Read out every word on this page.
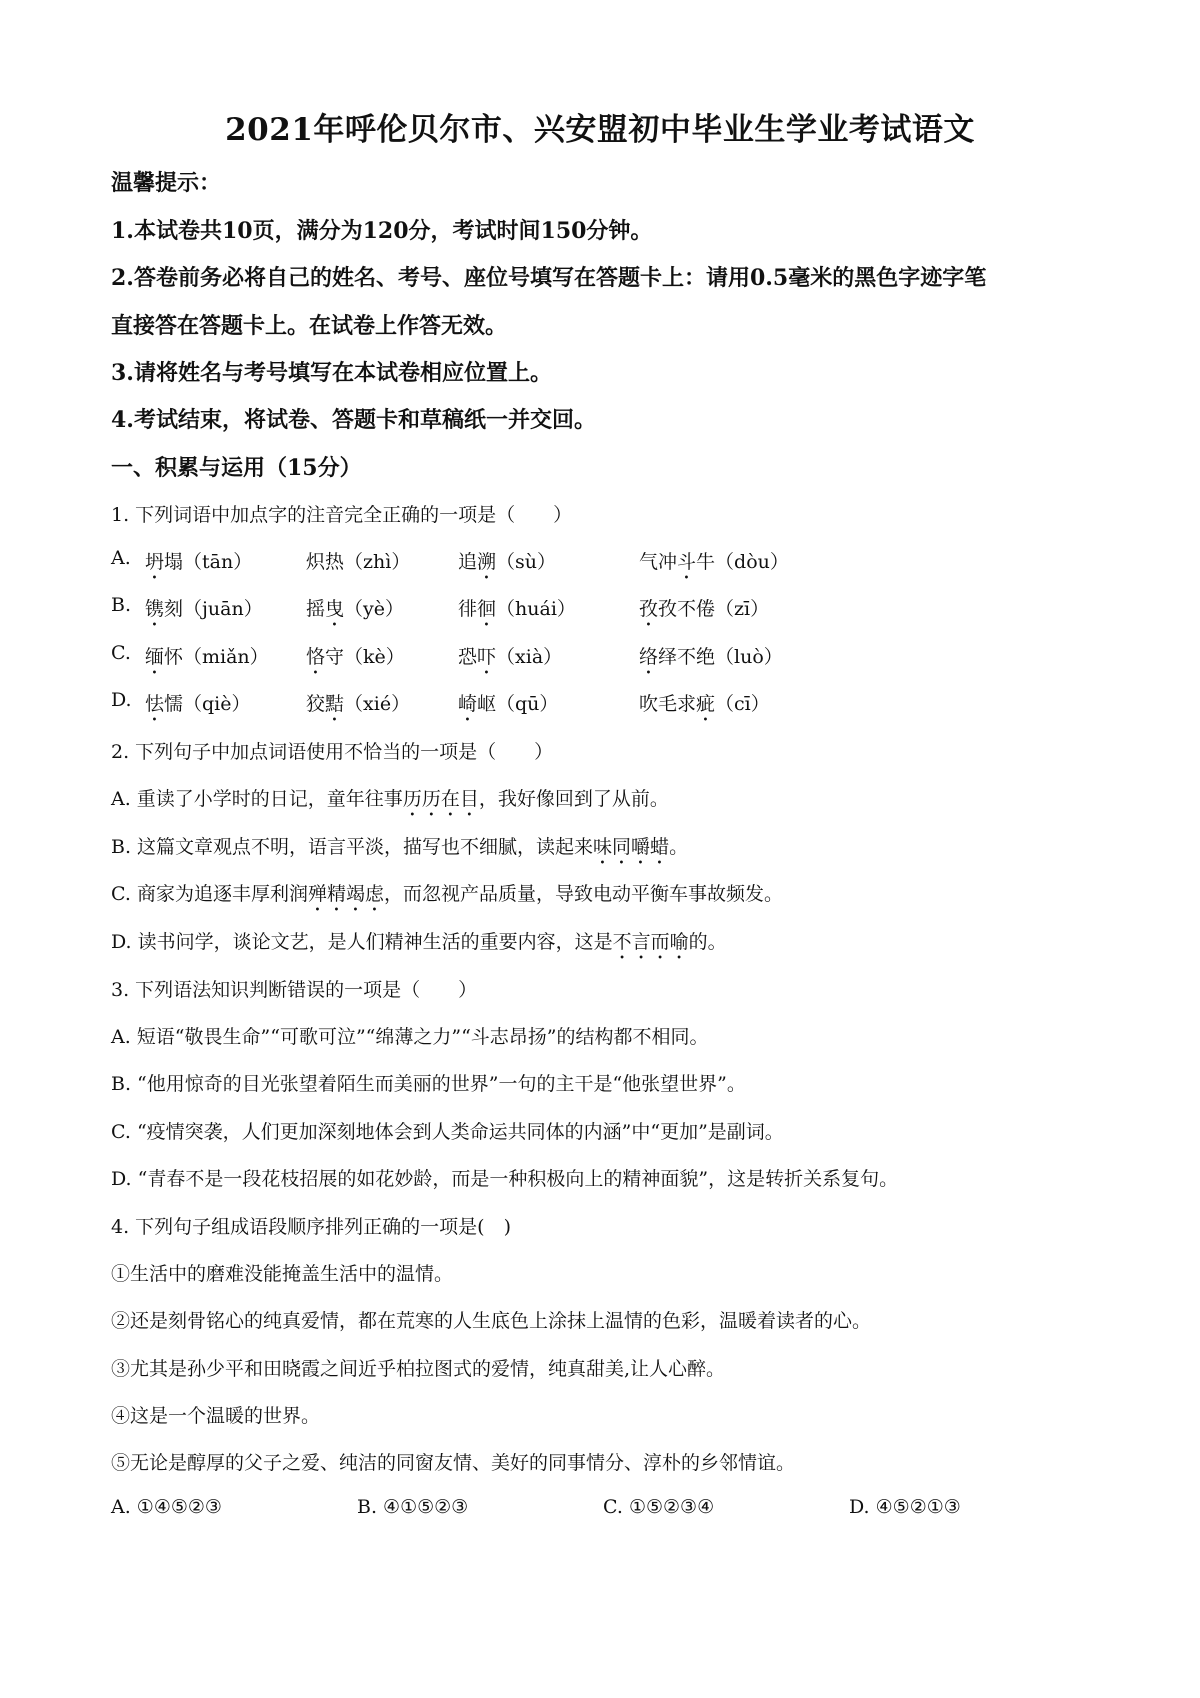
2021年呼伦贝尔市、兴安盟初中毕业生学业考试语文
温馨提示：
1.本试卷共10页，满分为120分，考试时间150分钟。
2.答卷前务必将自己的姓名、考号、座位号填写在答题卡上：请用0.5毫米的黑色字迹字笔
直接答在答题卡上。在试卷上作答无效。
3.请将姓名与考号填写在本试卷相应位置上。
4.考试结束，将试卷、答题卡和草稿纸一并交回。
一、积累与运用（15分）
1. 下列词语中加点字的注音完全正确的一项是（　　）
A. 坍塌（tān）	炽热（zhì）	追溯（sù）	气冲斗牛（dòu）
B. 镌刻（juān） 摇曳（yè）	徘徊（huái）	孜孜不倦（zī）
C. 缅怀（miǎn） 恪守（kè）	恐吓（xià）	络绎不绝（luò）
D. 怯懦（qiè）	狡黠（xié）	崎岖（qū）	吹毛求疵（cī）
2. 下列句子中加点词语使用不恰当的一项是（　　）
A. 重读了小学时的日记，童年往事历历在目，我好像回到了从前。
B. 这篇文章观点不明，语言平淡，描写也不细腻，读起来味同嚼蜡。
C. 商家为追逐丰厚利润殚精竭虑，而忽视产品质量，导致电动平衡车事故频发。
D. 读书问学，谈论文艺，是人们精神生活的重要内容，这是不言而喻的。
3. 下列语法知识判断错误的一项是（　　）
A. 短语“敬畏生命”“可歌可泣”“绵薄之力”“斗志昂扬”的结构都不相同。
B. “他用惊奇的目光张望着陌生而美丽的世界”一句的主干是“他张望世界”。
C. “疫情突袭，人们更加深刻地体会到人类命运共同体的内涵”中“更加”是副词。
D. “青春不是一段花枝招展的如花妙龄，而是一种积极向上的精神面貌”，这是转折关系复句。
4. 下列句子组成语段顺序排列正确的一项是(　)
①生活中的磨难没能掩盖生活中的温情。
②还是刻骨铭心的纯真爱情，都在荒寒的人生底色上涂抹上温情的色彩，温暖着读者的心。
③尤其是孙少平和田晓霞之间近乎柏拉图式的爱情，纯真甜美,让人心醉。
④这是一个温暖的世界。
⑤无论是醇厚的父子之爱、纯洁的同窗友情、美好的同事情分、淳朴的乡邻情谊。
A. ①④⑤②③	B. ④①⑤②③	C. ①⑤②③④	D. ④⑤②①③
